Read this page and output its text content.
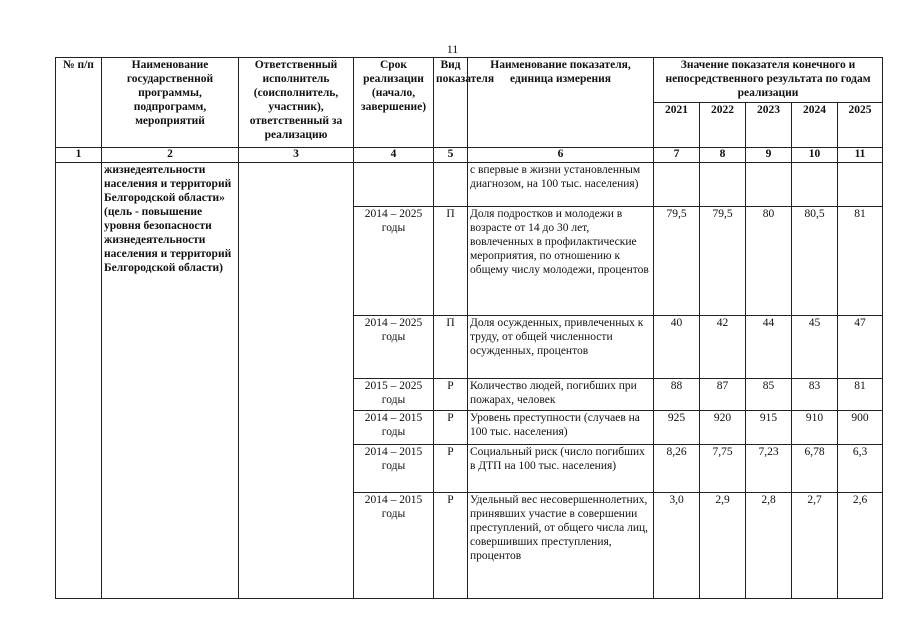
11
№ п/п	Наименование государственной программы, подпрограмм, мероприятий	Ответственный исполнитель (соисполнитель, участник), ответственный за реализацию	Срок реализации (начало, завершение)	Вид показателя	Наименование показателя, единица измерения	Значение показателя конечного и непосредственного результата по годам реализации				
						2021	2022	2023	2024	2025
1	2	3	4	5	6	7	8	9	10	11
	жизнедеятельности населения и территорий Белгородской области» (цель - повышение уровня безопасности жизнедеятельности населения и территорий Белгородской области)				с впервые в жизни установленным диагнозом, на 100 тыс. населения)					
			2014 – 2025 годы	П	Доля подростков и молодежи в возрасте от 14 до 30 лет, вовлеченных в профилактические мероприятия, по отношению к общему числу молодежи, процентов	79,5	79,5	80	80,5	81
			2014 – 2025 годы	П	Доля осужденных, привлеченных к труду, от общей численности осужденных, процентов	40	42	44	45	47
			2015 – 2025 годы	Р	Количество людей, погибших при пожарах, человек	88	87	85	83	81
			2014 – 2015 годы	Р	Уровень преступности (случаев на 100 тыс. населения)	925	920	915	910	900
			2014 – 2015 годы	Р	Социальный риск (число погибших в ДТП на 100 тыс. населения)	8,26	7,75	7,23	6,78	6,3
			2014 – 2015 годы	Р	Удельный вес несовершеннолетних, принявших участие в совершении преступлений, от общего числа лиц, совершивших преступления, процентов	3,0	2,9	2,8	2,7	2,6
